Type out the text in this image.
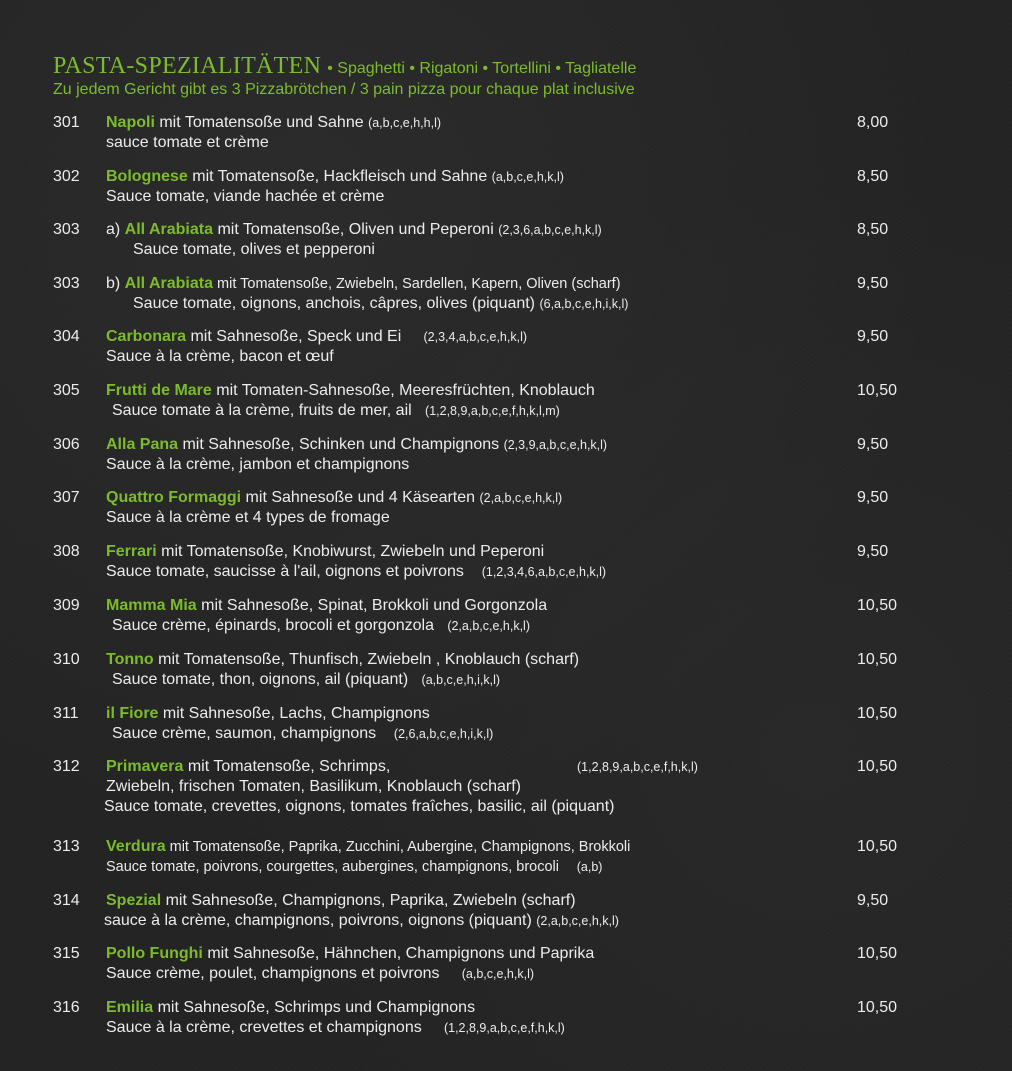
PASTA-SPEZIALITÄTEN • Spaghetti • Rigatoni • Tortellini • Tagliatelle
Zu jedem Gericht gibt es 3 Pizzabrötchen / 3 pain pizza pour chaque plat inclusive
301	Napoli mit Tomatensoße und Sahne (a,b,c,e,h,h,l)	8,00
sauce tomate et crème
302	Bolognese mit Tomatensoße, Hackfleisch und Sahne (a,b,c,e,h,k,l)	8,50
Sauce tomate, viande hachée et crème
303	a) All Arabiata mit Tomatensoße, Oliven und Peperoni (2,3,6,a,b,c,e,h,k,l)	8,50
Sauce tomate, olives et pepperoni
303	b) All Arabiata mit Tomatensoße, Zwiebeln, Sardellen, Kapern, Oliven (scharf)	9,50
Sauce tomate, oignons, anchois, câpres, olives (piquant) (6,a,b,c,e,h,i,k,l)
304	Carbonara mit Sahnesoße, Speck und Ei (2,3,4,a,b,c,e,h,k,l)	9,50
Sauce à la crème, bacon et œuf
305	Frutti de Mare mit Tomaten-Sahnesoße, Meeresfrüchten, Knoblauch	10,50
Sauce tomate à la crème, fruits de mer, ail (1,2,8,9,a,b,c,e,f,h,k,l,m)
306	Alla Pana mit Sahnesoße, Schinken und Champignons (2,3,9,a,b,c,e,h,k,l)	9,50
Sauce à la crème, jambon et champignons
307	Quattro Formaggi mit Sahnesoße und 4 Käsearten (2,a,b,c,e,h,k,l)	9,50
Sauce à la crème et 4 types de fromage
308	Ferrari mit Tomatensoße, Knobiwurst, Zwiebeln und Peperoni	9,50
Sauce tomate, saucisse à l'ail, oignons et poivrons (1,2,3,4,6,a,b,c,e,h,k,l)
309	Mamma Mia mit Sahnesoße, Spinat, Brokkoli und Gorgonzola	10,50
Sauce crème, épinards, brocoli et gorgonzola (2,a,b,c,e,h,k,l)
310	Tonno mit Tomatensoße, Thunfisch, Zwiebeln , Knoblauch (scharf)	10,50
Sauce tomate, thon, oignons, ail (piquant) (a,b,c,e,h,i,k,l)
311	il Fiore mit Sahnesoße, Lachs, Champignons	10,50
Sauce crème, saumon, champignons (2,6,a,b,c,e,h,i,k,l)
312	Primavera mit Tomatensoße, Schrimps,	(1,2,8,9,a,b,c,e,f,h,k,l)	10,50
Zwiebeln, frischen Tomaten, Basilikum, Knoblauch (scharf)
Sauce tomate, crevettes, oignons, tomates fraîches, basilic, ail (piquant)
313	Verdura mit Tomatensoße, Paprika, Zucchini, Aubergine, Champignons, Brokkoli	10,50
Sauce tomate, poivrons, courgettes, aubergines, champignons, brocoli (a,b)
314	Spezial mit Sahnesoße, Champignons, Paprika, Zwiebeln (scharf)	9,50
sauce à la crème, champignons, poivrons, oignons (piquant) (2,a,b,c,e,h,k,l)
315	Pollo Funghi mit Sahnesoße, Hähnchen, Champignons und Paprika	10,50
Sauce crème, poulet, champignons et poivrons (a,b,c,e,h,k,l)
316	Emilia mit Sahnesoße, Schrimps und Champignons	10,50
Sauce à la crème, crevettes et champignons (1,2,8,9,a,b,c,e,f,h,k,l)
